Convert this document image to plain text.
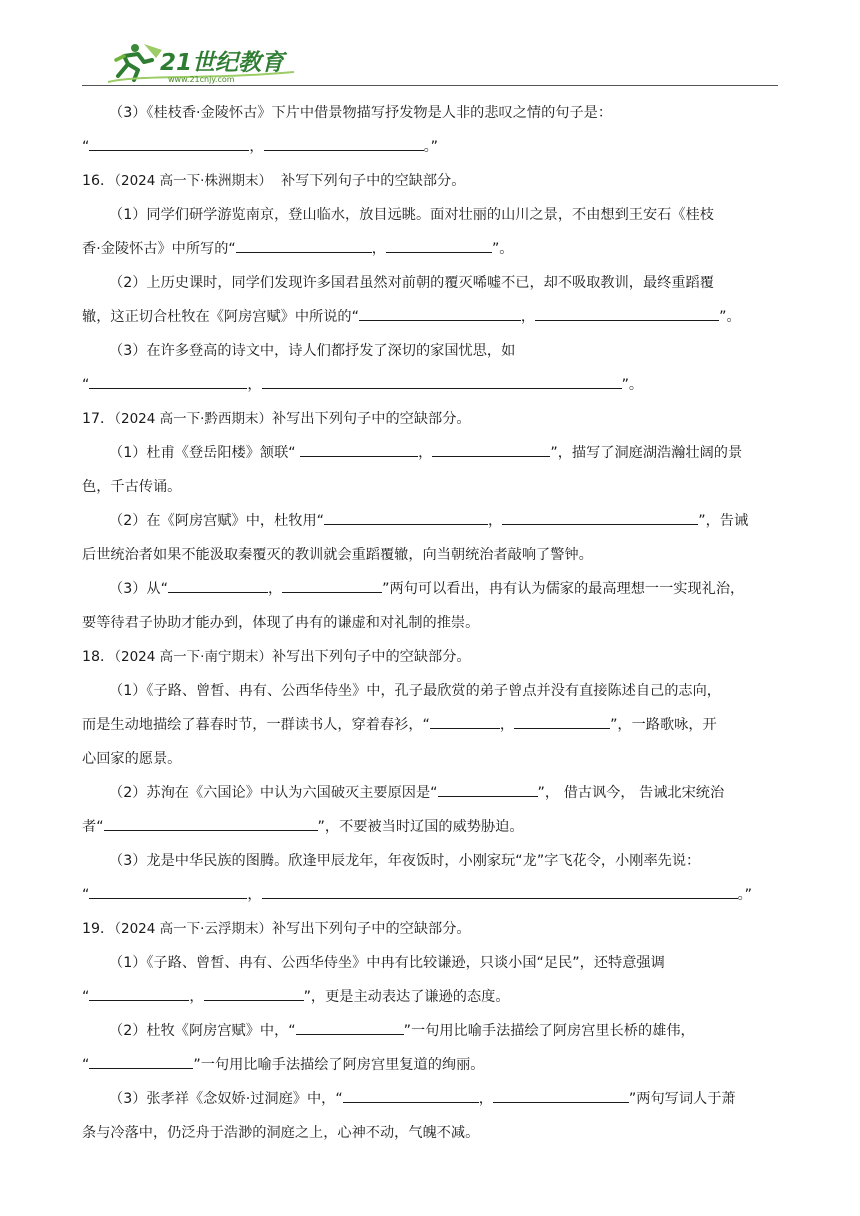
21世纪教育
www.21cnjy.com

（3）《桂枝香·金陵怀古》下片中借景物描写抒发物是人非的悲叹之情的句子是：

“	，	。”

16．（2024 高一下·株洲期末） 补写下列句子中的空缺部分。

（1）同学们研学游览南京，登山临水，放目远眺。面对壮丽的山川之景，不由想到王安石《桂枝

香·金陵怀古》中所写的“	，	”。

（2）上历史课时，同学们发现许多国君虽然对前朝的覆灭唏嘘不已，却不吸取教训，最终重蹈覆

辙，这正切合杜牧在《阿房宫赋》中所说的“	，	”。

（3）在许多登高的诗文中，诗人们都抒发了深切的家国忧思，如

“	，	”。

17．（2024 高一下·黔西期末）补写出下列句子中的空缺部分。

（1）杜甫《登岳阳楼》颔联“	，	”，描写了洞庭湖浩瀚壮阔的景

色，千古传诵。

（2）在《阿房宫赋》中，杜牧用“	，	”，告诫

后世统治者如果不能汲取秦覆灭的教训就会重蹈覆辙，向当朝统治者敲响了警钟。

（3）从“	，	”两句可以看出，冉有认为儒家的最高理想一一实现礼治，

要等待君子协助才能办到，体现了冉有的谦虚和对礼制的推崇。

18．（2024 高一下·南宁期末）补写出下列句子中的空缺部分。

（1）《子路、曾皙、冉有、公西华侍坐》中，孔子最欣赏的弟子曾点并没有直接陈述自己的志向，

而是生动地描绘了暮春时节，一群读书人，穿着春衫，“	，	”，一路歌咏，开

心回家的愿景。

（2）苏洵在《六国论》中认为六国破灭主要原因是“	”， 借古讽今， 告诫北宋统治

者“	”，不要被当时辽国的威势胁迫。

（3）龙是中华民族的图腾。欣逢甲辰龙年，年夜饭时，小刚家玩“龙”字飞花令，小刚率先说：

“	，	。”

19．（2024 高一下·云浮期末）补写出下列句子中的空缺部分。

（1）《子路、曾皙、冉有、公西华侍坐》中冉有比较谦逊，只谈小国“足民”，还特意强调

“	，	”，更是主动表达了谦逊的态度。

（2）杜牧《阿房宫赋》中，“	”一句用比喻手法描绘了阿房宫里长桥的雄伟，

“	”一句用比喻手法描绘了阿房宫里复道的绚丽。

（3）张孝祥《念奴娇·过洞庭》中，“	，	”两句写词人于萧

条与冷落中，仍泛舟于浩渺的洞庭之上，心神不动，气魄不减。
